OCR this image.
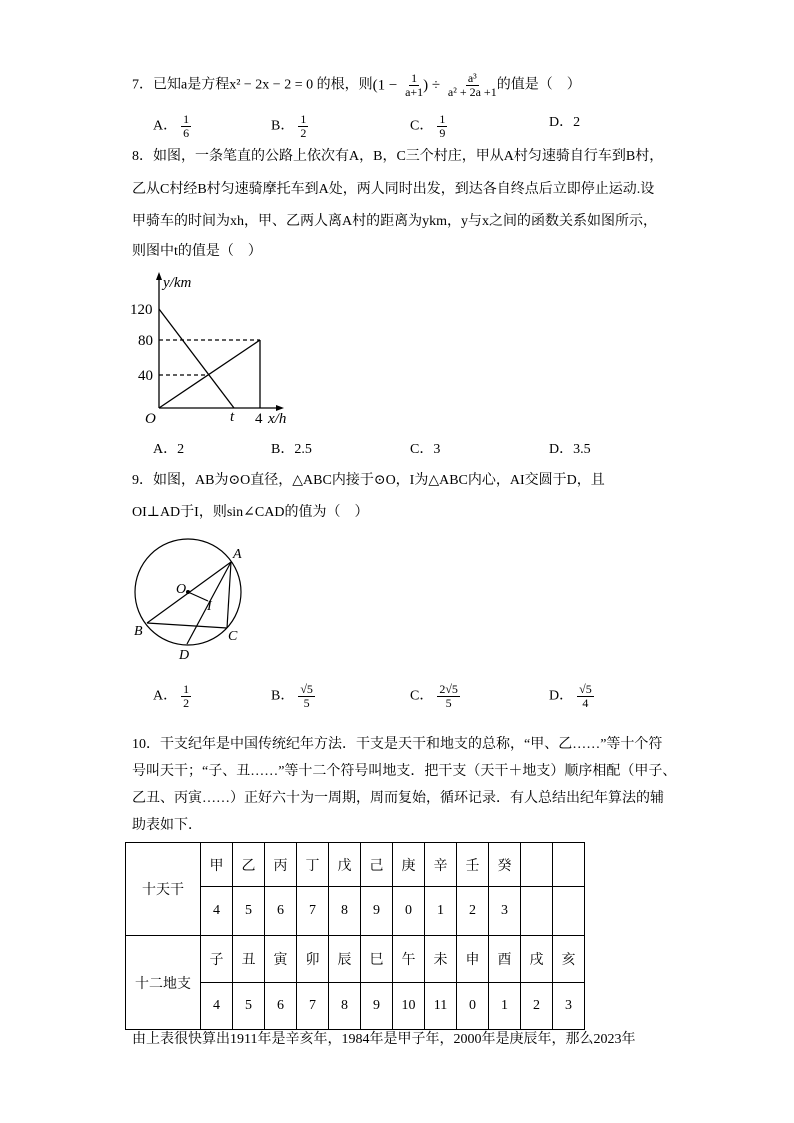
7．已知a是方程x² − 2x − 2 = 0 的根，则($1 - \frac{1}{a+1}$ ) ÷ $\frac{\text{a³}}{\text{a² + 2a +1}}$ 的值是（　）
A． $\frac{1}{6}$	B． $\frac{1}{2}$	C． $\frac{1}{9}$	D．2
8．如图，一条笔直的公路上依次有A，B，C三个村庄，甲从A村匀速骑自行车到B村，
乙从C村经B村匀速骑摩托车到A处，两人同时出发，到达各自终点后立即停止运动.设
甲骑车的时间为xh，甲、乙两人离A村的距离为ykm，y与x之间的函数关系如图所示，
则图中t的值是（　）
y/km
120
80
40
O	t 4 x/h
A．2	B．2.5	C．3	D．3.5
9．如图，AB为⊙O直径，△ABC内接于⊙O，I为△ABC内心，AI交圆于D，且
OI⊥AD于I，则sin∠CAD的值为（　）
A
B	C
D
O
I
A． $\frac{1}{2}$	B． $\frac{√5}{5}$	C． $\frac{2√5}{5}$	D． $\frac{√5}{4}$
10．干支纪年是中国传统纪年方法．干支是天干和地支的总称，“甲、乙……”等十个符
号叫天干；“子、丑……”等十二个符号叫地支．把干支（天干＋地支）顺序相配（甲子、
乙丑、丙寅……）正好六十为一周期，周而复始，循环记录．有人总结出纪年算法的辅
助表如下．
十天干	甲	乙	丙	丁	戊	己	庚	辛	壬	癸		
	4	5	6	7	8	9	0	1	2	3		
十二地支	子	丑	寅	卯	辰	巳	午	未	申	酉	戌	亥
	4	5	6	7	8	9	10	11	0	1	2	3
由上表很快算出1911年是辛亥年，1984年是甲子年，2000年是庚辰年，那么2023年
